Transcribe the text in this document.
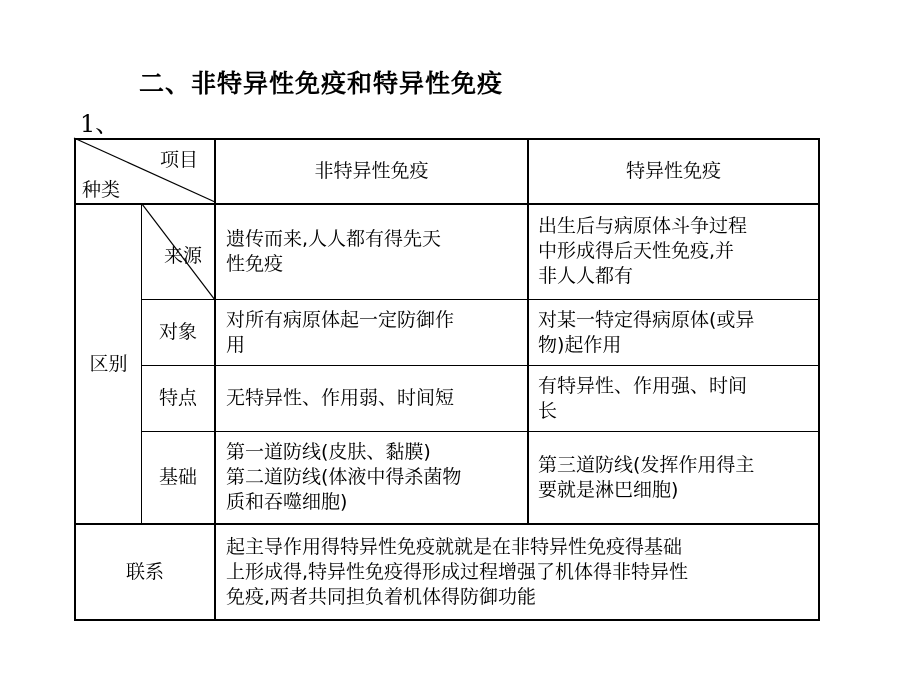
二、非特异性免疫和特异性免疫
1、
项目
种类
非特异性免疫	特异性免疫
区别
来源
遗传而来,人人都有得先天
性免疫
出生后与病原体斗争过程
中形成得后天性免疫,并
非人人都有
对象
对所有病原体起一定防御作
用
对某一特定得病原体(或异
物)起作用
特点	无特异性、作用弱、时间短
有特异性、作用强、时间
长
基础
第一道防线(皮肤、黏膜)
第二道防线(体液中得杀菌物
质和吞噬细胞)
第三道防线(发挥作用得主
要就是淋巴细胞)
联系
起主导作用得特异性免疫就就是在非特异性免疫得基础
上形成得,特异性免疫得形成过程增强了机体得非特异性
免疫,两者共同担负着机体得防御功能
